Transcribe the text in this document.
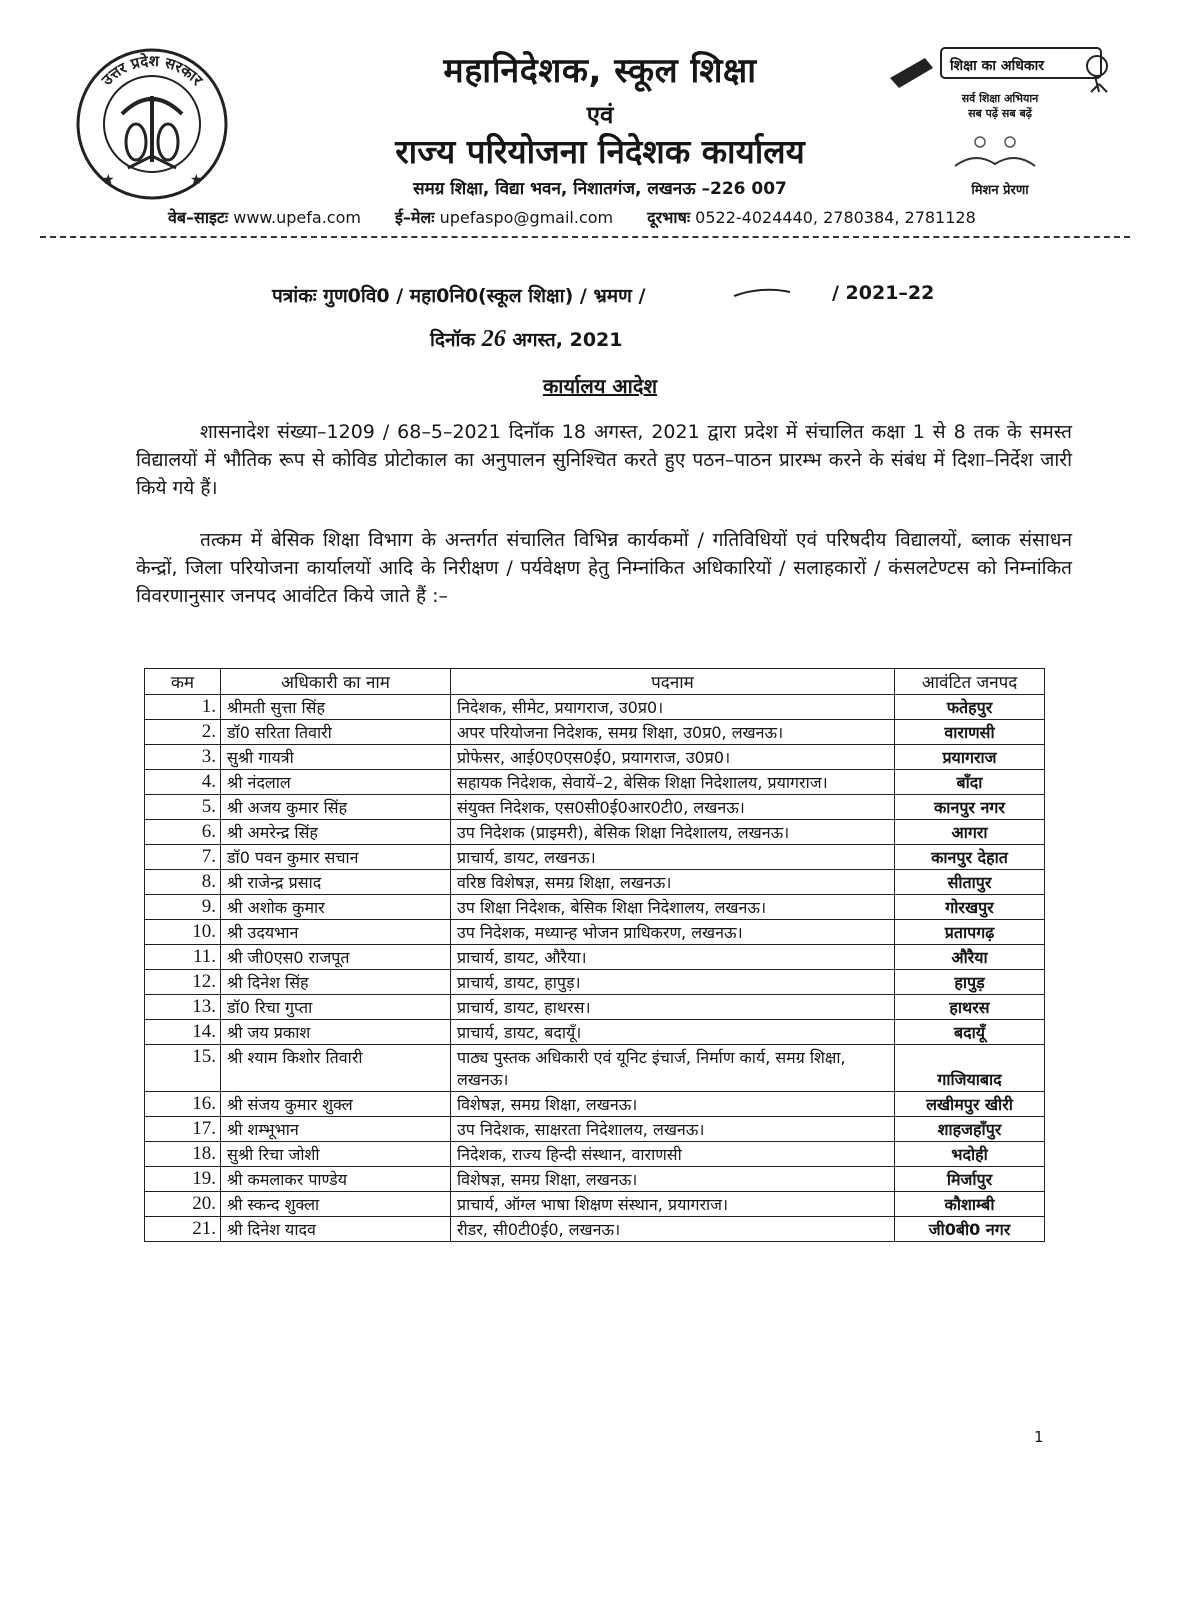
उत्तर प्रदेश सरकार
★	★
शिक्षा का अधिकार
सर्व शिक्षा अभियान
सब पढ़ें सब बढ़ें
मिशन प्रेरणा
महानिदेशक, स्कूल शिक्षा
एवं
राज्य परियोजना निदेशक कार्यालय
समग्र शिक्षा, विद्या भवन, निशातगंज, लखनऊ –226 007
वेब–साइटः www.upefa.com ई–मेलः upefaspo@gmail.com दूरभाषः 0522-4024440, 2780384, 2781128
पत्रांकः गुण0वि0 / महा0नि0(स्कूल शिक्षा) / भ्रमण /	/ 2021–22
दिनॉक 26 अगस्त, 2021
कार्यालय आदेश
शासनादेश संख्या–1209 / 68–5–2021 दिनॉक 18 अगस्त, 2021 द्वारा प्रदेश में संचालित कक्षा 1 से 8 तक के समस्त विद्यालयों में भौतिक रूप से कोविड प्रोटोकाल का अनुपालन सुनिश्चित करते हुए पठन–पाठन प्रारम्भ करने के संबंध में दिशा–निर्देश जारी किये गये हैं।
तत्कम में बेसिक शिक्षा विभाग के अन्तर्गत संचालित विभिन्न कार्यकमों / गतिविधियों एवं परिषदीय विद्यालयों, ब्लाक संसाधन केन्द्रों, जिला परियोजना कार्यालयों आदि के निरीक्षण / पर्यवेक्षण हेतु निम्नांकित अधिकारियों / सलाहकारों / कंसलटेण्टस को निम्नांकित विवरणानुसार जनपद आवंटित किये जाते हैं :–
कम	अधिकारी का नाम	पदनाम	आवंटित जनपद
1.	श्रीमती सुत्ता सिंह	निदेशक, सीमेट, प्रयागराज, उ0प्र0।	फतेहपुर
2.	डॉ0 सरिता तिवारी	अपर परियोजना निदेशक, समग्र शिक्षा, उ0प्र0, लखनऊ।	वाराणसी
3.	सुश्री गायत्री	प्रोफेसर, आई0ए0एस0ई0, प्रयागराज, उ0प्र0।	प्रयागराज
4.	श्री नंदलाल	सहायक निदेशक, सेवायें–2, बेसिक शिक्षा निदेशालय, प्रयागराज।	बाँदा
5.	श्री अजय कुमार सिंह	संयुक्त निदेशक, एस0सी0ई0आर0टी0, लखनऊ।	कानपुर नगर
6.	श्री अमरेन्द्र सिंह	उप निदेशक (प्राइमरी), बेसिक शिक्षा निदेशालय, लखनऊ।	आगरा
7.	डॉ0 पवन कुमार सचान	प्राचार्य, डायट, लखनऊ।	कानपुर देहात
8.	श्री राजेन्द्र प्रसाद	वरिष्ठ विशेषज्ञ, समग्र शिक्षा, लखनऊ।	सीतापुर
9.	श्री अशोक कुमार	उप शिक्षा निदेशक, बेसिक शिक्षा निदेशालय, लखनऊ।	गोरखपुर
10.	श्री उदयभान	उप निदेशक, मध्यान्ह भोजन प्राधिकरण, लखनऊ।	प्रतापगढ़
11.	श्री जी0एस0 राजपूत	प्राचार्य, डायट, औरैया।	औरैया
12.	श्री दिनेश सिंह	प्राचार्य, डायट, हापुड़।	हापुड़
13.	डॉ0 रिचा गुप्ता	प्राचार्य, डायट, हाथरस।	हाथरस
14.	श्री जय प्रकाश	प्राचार्य, डायट, बदायूँ।	बदायूँ
15.	श्री श्याम किशोर तिवारी	पाठ्य पुस्तक अधिकारी एवं यूनिट इंचार्ज, निर्माण कार्य, समग्र शिक्षा, लखनऊ।	गाजियाबाद
16.	श्री संजय कुमार शुक्ल	विशेषज्ञ, समग्र शिक्षा, लखनऊ।	लखीमपुर खीरी
17.	श्री शम्भूभान	उप निदेशक, साक्षरता निदेशालय, लखनऊ।	शाहजहाँपुर
18.	सुश्री रिचा जोशी	निदेशक, राज्य हिन्दी संस्थान, वाराणसी	भदोही
19.	श्री कमलाकर पाण्डेय	विशेषज्ञ, समग्र शिक्षा, लखनऊ।	मिर्जापुर
20.	श्री स्कन्द शुक्ला	प्राचार्य, ऑग्ल भाषा शिक्षण संस्थान, प्रयागराज।	कौशाम्बी
21.	श्री दिनेश यादव	रीडर, सी0टी0ई0, लखनऊ।	जी0बी0 नगर
1
